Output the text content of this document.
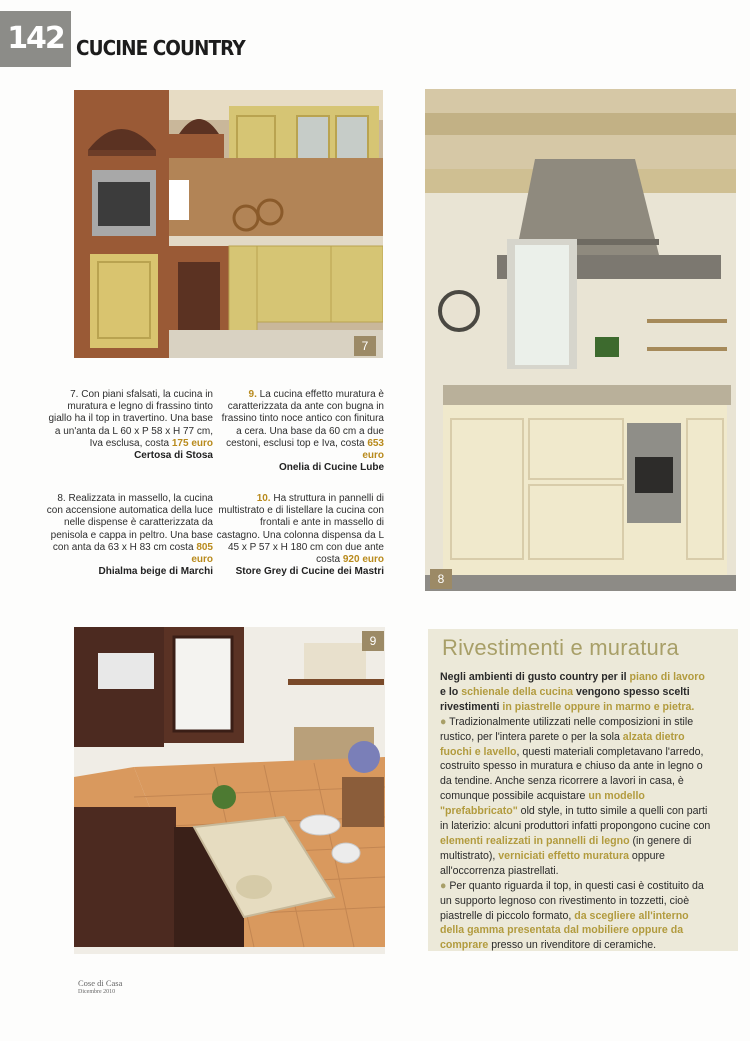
142 CUCINE COUNTRY
7
8
9
7. Con piani sfalsati, la cucina in muratura e legno di frassino tinto giallo ha il top in travertino. Una base a un'anta da L 60 x P 58 x H 77 cm, Iva esclusa, costa 175 euro
Certosa di Stosa
8. Realizzata in massello, la cucina con accensione automatica della luce nelle dispense è caratterizzata da penisola e cappa in peltro. Una base con anta da 63 x H 83 cm costa 805 euro
Dhialma beige di Marchi
9. La cucina effetto muratura è caratterizzata da ante con bugna in frassino tinto noce antico con finitura a cera. Una base da 60 cm a due cestoni, esclusi top e Iva, costa 653 euro
Onelia di Cucine Lube
10. Ha struttura in pannelli di multistrato e di listellare la cucina con frontali e ante in massello di castagno. Una colonna dispensa da L 45 x P 57 x H 180 cm con due ante costa 920 euro
Store Grey di Cucine dei Mastri
Rivestimenti e muratura
Negli ambienti di gusto country per il piano di lavoro e lo schienale della cucina vengono spesso scelti rivestimenti in piastrelle oppure in marmo e pietra.
● Tradizionalmente utilizzati nelle composizioni in stile rustico, per l'intera parete o per la sola alzata dietro fuochi e lavello, questi materiali completavano l'arredo, costruito spesso in muratura e chiuso da ante in legno o da tendine. Anche senza ricorrere a lavori in casa, è comunque possibile acquistare un modello "prefabbricato" old style, in tutto simile a quelli con parti in laterizio: alcuni produttori infatti propongono cucine con elementi realizzati in pannelli di legno (in genere di multistrato), verniciati effetto muratura oppure all'occorrenza piastrellati.
● Per quanto riguarda il top, in questi casi è costituito da un supporto legnoso con rivestimento in tozzetti, cioè piastrelle di piccolo formato, da scegliere all'interno della gamma presentata dal mobiliere oppure da comprare presso un rivenditore di ceramiche.
Cose di Casa
Dicembre 2010
